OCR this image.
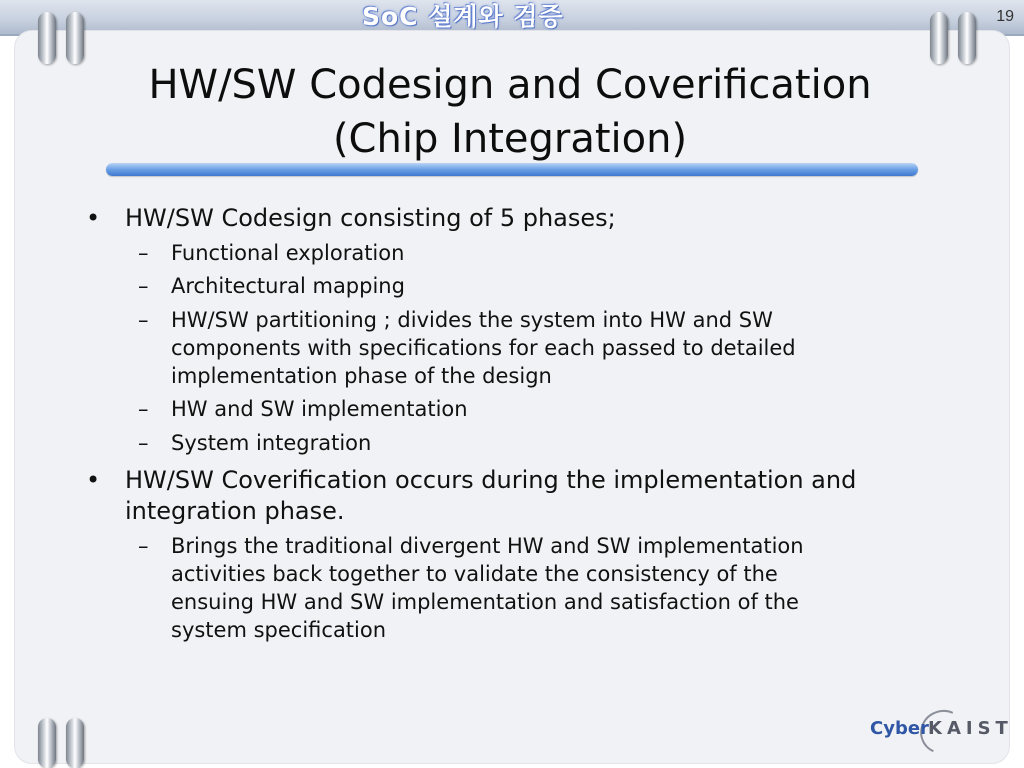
SoC 설계와 검증	19
HW/SW Codesign and Coverification
(Chip Integration)
• HW/SW Codesign consisting of 5 phases;
– Functional exploration
– Architectural mapping
– HW/SW partitioning ; divides the system into HW and SW
components with specifications for each passed to detailed
implementation phase of the design
– HW and SW implementation
– System integration
• HW/SW Coverification occurs during the implementation and
integration phase.
– Brings the traditional divergent HW and SW implementation
activities back together to validate the consistency of the
ensuing HW and SW implementation and satisfaction of the
system specification
Cyber KAIST
